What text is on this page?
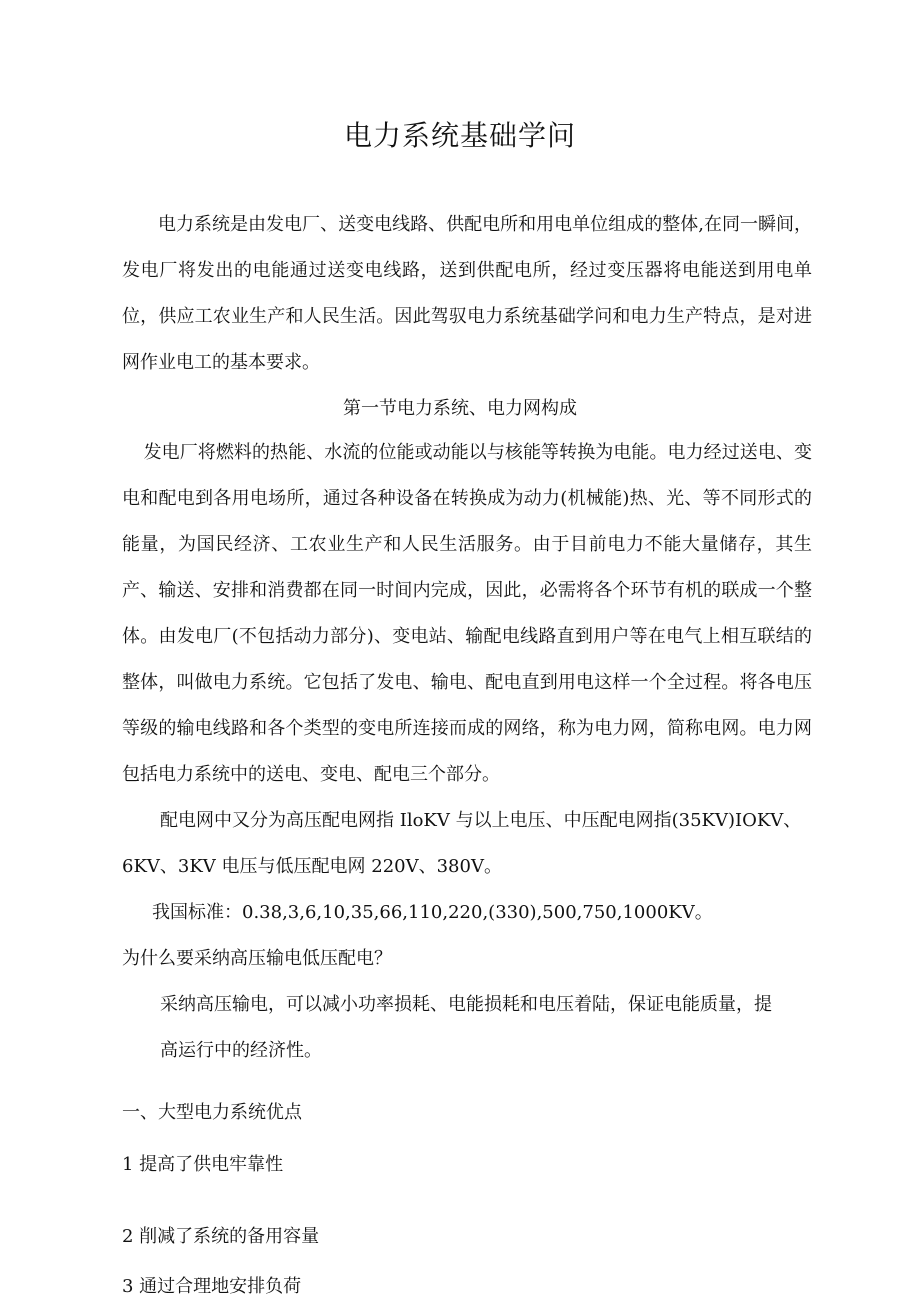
电力系统基础学问

电力系统是由发电厂、送变电线路、供配电所和用电单位组成的整体,在同一瞬间，发电厂将发出的电能通过送变电线路，送到供配电所，经过变压器将电能送到用电单位，供应工农业生产和人民生活。因此驾驭电力系统基础学问和电力生产特点，是对进网作业电工的基本要求。

第一节电力系统、电力网构成

发电厂将燃料的热能、水流的位能或动能以与核能等转换为电能。电力经过送电、变电和配电到各用电场所，通过各种设备在转换成为动力(机械能)热、光、等不同形式的能量，为国民经济、工农业生产和人民生活服务。由于目前电力不能大量储存，其生产、输送、安排和消费都在同一时间内完成，因此，必需将各个环节有机的联成一个整体。由发电厂(不包括动力部分)、变电站、输配电线路直到用户等在电气上相互联结的整体，叫做电力系统。它包括了发电、输电、配电直到用电这样一个全过程。将各电压等级的输电线路和各个类型的变电所连接而成的网络，称为电力网，简称电网。电力网包括电力系统中的送电、变电、配电三个部分。

配电网中又分为高压配电网指 IloKV 与以上电压、中压配电网指(35KV)IOKV、
6KV、3KV 电压与低压配电网 220V、380V。
我国标准：0.38,3,6,10,35,66,110,220,(330),500,750,1000KV。
为什么要采纳高压输电低压配电？
采纳高压输电，可以减小功率损耗、电能损耗和电压着陆，保证电能质量，提
高运行中的经济性。
一、大型电力系统优点
1 提高了供电牢靠性
2 削减了系统的备用容量
3 通过合理地安排负荷
